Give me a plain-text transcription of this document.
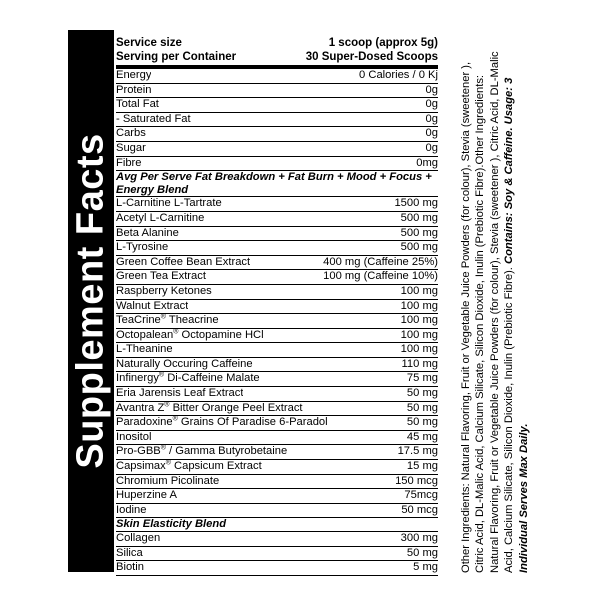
Supplement Facts
Service size	1 scoop (approx 5g)
Serving per Container	30 Super-Dosed Scoops
Energy	0 Calories / 0 Kj
Protein	0g
Total Fat	0g
- Saturated Fat	0g
Carbs	0g
Sugar	0g
Fibre	0mg
Avg Per Serve Fat Breakdown + Fat Burn + Mood + Focus + Energy Blend
L-Carnitine L-Tartrate	1500 mg
Acetyl L-Carnitine	500 mg
Beta Alanine	500 mg
L-Tyrosine	500 mg
Green Coffee Bean Extract	400 mg (Caffeine 25%)
Green Tea Extract	100 mg (Caffeine 10%)
Raspberry Ketones	100 mg
Walnut Extract	100 mg
TeaCrine® Theacrine	100 mg
Octopalean® Octopamine HCl	100 mg
L-Theanine	100 mg
Naturally Occuring Caffeine	110 mg
Infinergy® Di-Caffeine Malate	75 mg
Eria Jarensis Leaf Extract	50 mg
Avantra Z® Bitter Orange Peel Extract	50 mg
Paradoxine® Grains Of Paradise 6-Paradol	50 mg
Inositol	45 mg
Pro-GBB® / Gamma Butyrobetaine	17.5 mg
Capsimax® Capsicum Extract	15 mg
Chromium Picolinate	150 mcg
Huperzine A	75mcg
Iodine	50 mcg
Skin Elasticity Blend
Collagen	300 mg
Silica	50 mg
Biotin	5 mg Other Ingredients: Natural Flavoring, Fruit or Vegetable Juice Powders (for colour), Stevia (sweetener ), Citric Acid, DL-Malic Acid, Calcium Silicate, Silicon Dioxide, Inulin (Prebiotic Fibre).Other Ingredients: Natural Flavoring, Fruit or Vegetable Juice Powders (for colour), Stevia (sweetener ), Citric Acid, DL-Malic Acid, Calcium Silicate, Silicon Dioxide, Inulin (Prebiotic Fibre). Contains: Soy & Caffeine. Usage: 3 Individual Serves Max Daily.
